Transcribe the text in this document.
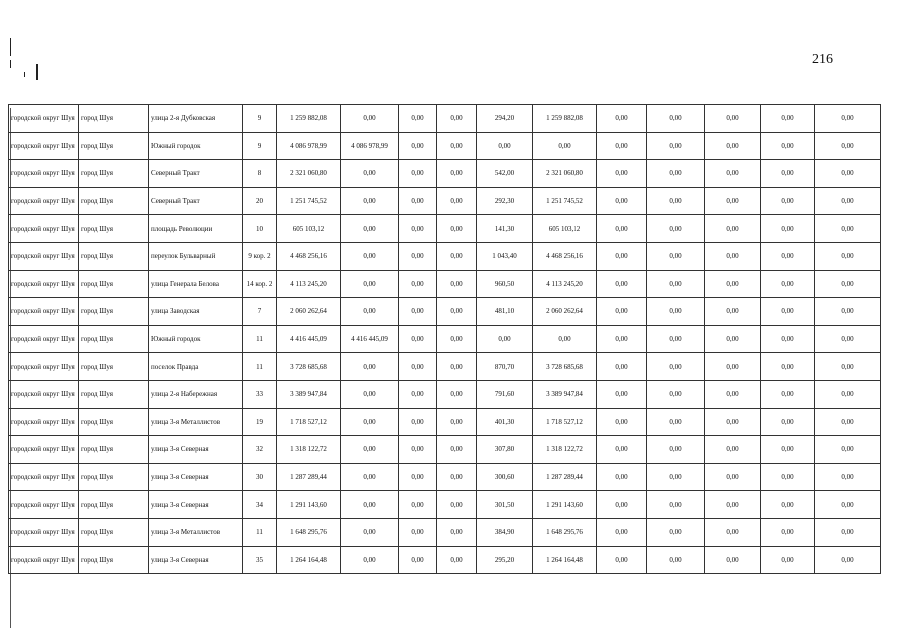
216
городской округ Шуя	город Шуя	улица 2-я Дубковская	9	1 259 882,08	0,00	0,00	0,00	294,20	1 259 882,08	0,00	0,00	0,00	0,00	0,00
городской округ Шуя	город Шуя	Южный городок	9	4 086 978,99	4 086 978,99	0,00	0,00	0,00	0,00	0,00	0,00	0,00	0,00	0,00
городской округ Шуя	город Шуя	Северный Тракт	8	2 321 060,80	0,00	0,00	0,00	542,00	2 321 060,80	0,00	0,00	0,00	0,00	0,00
городской округ Шуя	город Шуя	Северный Тракт	20	1 251 745,52	0,00	0,00	0,00	292,30	1 251 745,52	0,00	0,00	0,00	0,00	0,00
городской округ Шуя	город Шуя	площадь Революции	10	605 103,12	0,00	0,00	0,00	141,30	605 103,12	0,00	0,00	0,00	0,00	0,00
городской округ Шуя	город Шуя	переулок Бульварный	9 кор. 2	4 468 256,16	0,00	0,00	0,00	1 043,40	4 468 256,16	0,00	0,00	0,00	0,00	0,00
городской округ Шуя	город Шуя	улица Генерала Белова	14 кор. 2	4 113 245,20	0,00	0,00	0,00	960,50	4 113 245,20	0,00	0,00	0,00	0,00	0,00
городской округ Шуя	город Шуя	улица Заводская	7	2 060 262,64	0,00	0,00	0,00	481,10	2 060 262,64	0,00	0,00	0,00	0,00	0,00
городской округ Шуя	город Шуя	Южный городок	11	4 416 445,09	4 416 445,09	0,00	0,00	0,00	0,00	0,00	0,00	0,00	0,00	0,00
городской округ Шуя	город Шуя	поселок Правда	11	3 728 685,68	0,00	0,00	0,00	870,70	3 728 685,68	0,00	0,00	0,00	0,00	0,00
городской округ Шуя	город Шуя	улица 2-я Набережная	33	3 389 947,84	0,00	0,00	0,00	791,60	3 389 947,84	0,00	0,00	0,00	0,00	0,00
городской округ Шуя	город Шуя	улица 3-я Металлистов	19	1 718 527,12	0,00	0,00	0,00	401,30	1 718 527,12	0,00	0,00	0,00	0,00	0,00
городской округ Шуя	город Шуя	улица 3-я Северная	32	1 318 122,72	0,00	0,00	0,00	307,80	1 318 122,72	0,00	0,00	0,00	0,00	0,00
городской округ Шуя	город Шуя	улица 3-я Северная	30	1 287 289,44	0,00	0,00	0,00	300,60	1 287 289,44	0,00	0,00	0,00	0,00	0,00
городской округ Шуя	город Шуя	улица 3-я Северная	34	1 291 143,60	0,00	0,00	0,00	301,50	1 291 143,60	0,00	0,00	0,00	0,00	0,00
городской округ Шуя	город Шуя	улица 3-я Металлистов	11	1 648 295,76	0,00	0,00	0,00	384,90	1 648 295,76	0,00	0,00	0,00	0,00	0,00
городской округ Шуя	город Шуя	улица 3-я Северная	35	1 264 164,48	0,00	0,00	0,00	295,20	1 264 164,48	0,00	0,00	0,00	0,00	0,00
